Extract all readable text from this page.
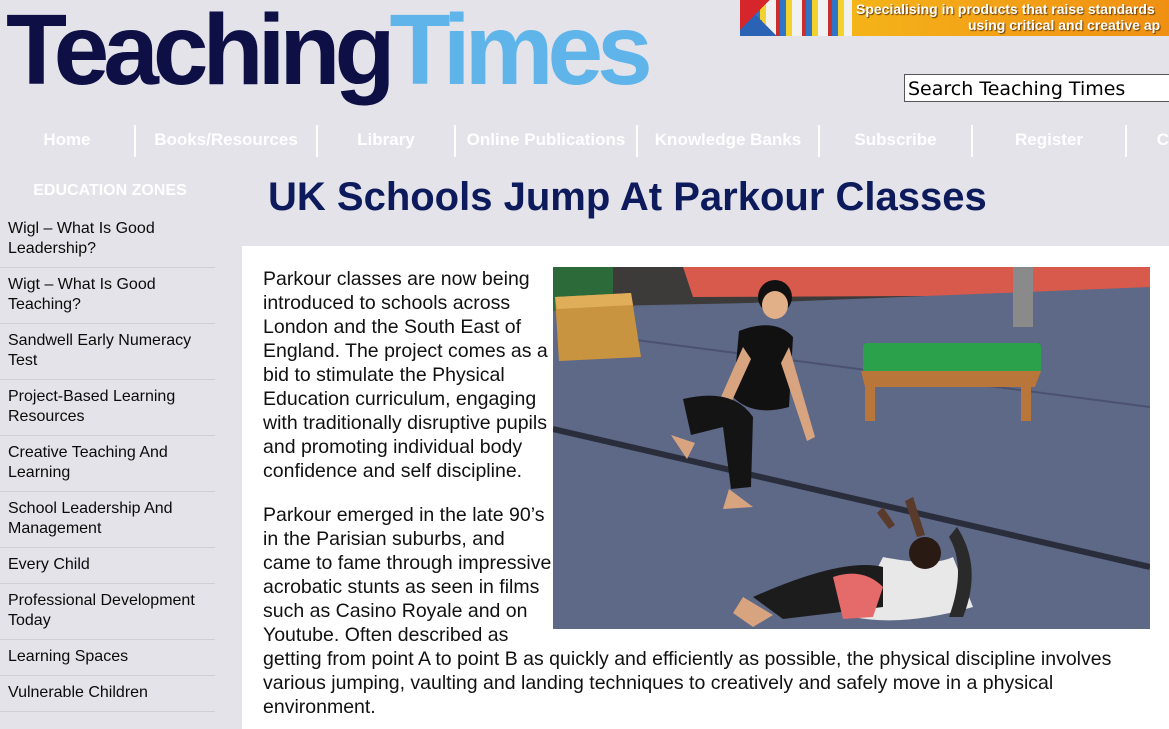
TeachingTimes	Specialising in products that raise standards
using critical and creative ap
Search Teaching Times
Home	Books/Resources	Library	Online Publications	Knowledge Banks	Subscribe	Register	C
EDUCATION ZONES
Wigl – What Is Good Leadership?
Wigt – What Is Good Teaching?
Sandwell Early Numeracy Test
Project-Based Learning Resources
Creative Teaching And Learning
School Leadership And Management
Every Child
Professional Development Today
Learning Spaces
Vulnerable Children
UK Schools Jump At Parkour Classes

Parkour classes are now being introduced to schools across London and the South East of England. The project comes as a bid to stimulate the Physical Education curriculum, engaging with traditionally disruptive pupils and promoting individual body confidence and self discipline.

Parkour emerged in the late 90’s in the Parisian suburbs, and came to fame through impressive acrobatic stunts as seen in films such as Casino Royale and on Youtube. Often described as

getting from point A to point B as quickly and efficiently as possible, the physical discipline involves various jumping, vaulting and landing techniques to creatively and safely move in a physical environment.
